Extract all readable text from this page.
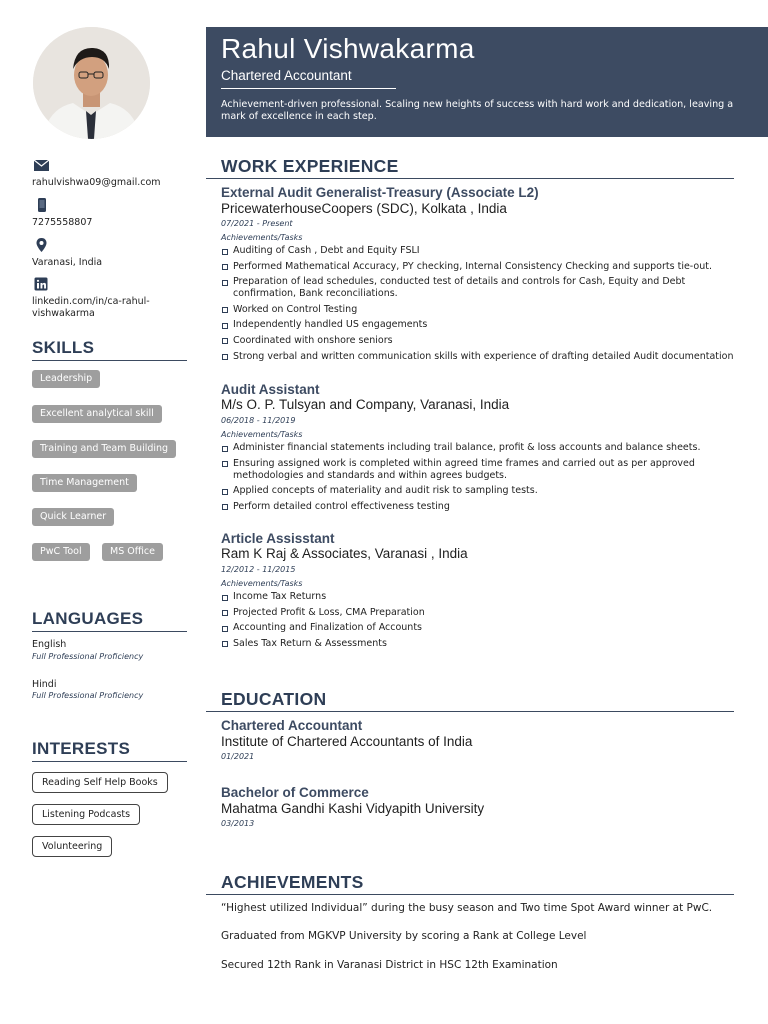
rahulvishwa09@gmail.com
7275558807
Varanasi, India
linkedin.com/in/ca-rahul-vishwakarma
SKILLS
Leadership
Excellent analytical skill
Training and Team Building
Time Management
Quick Learner
PwC Tool	MS Office
LANGUAGES
English
Full Professional Proficiency
Hindi
Full Professional Proficiency
INTERESTS
Reading Self Help Books
Listening Podcasts
Volunteering
Rahul Vishwakarma
Chartered Accountant
Achievement-driven professional. Scaling new heights of success with hard work and dedication, leaving a mark of excellence in each step.
WORK EXPERIENCE
External Audit Generalist-Treasury (Associate L2)
PricewaterhouseCoopers (SDC), Kolkata , India
07/2021 - Present
Achievements/Tasks
Auditing of Cash , Debt and Equity FSLI
Performed Mathematical Accuracy, PY checking, Internal Consistency Checking and supports tie-out.
Preparation of lead schedules, conducted test of details and controls for Cash, Equity and Debt confirmation, Bank reconciliations.
Worked on Control Testing
Independently handled US engagements
Coordinated with onshore seniors
Strong verbal and written communication skills with experience of drafting detailed Audit documentation
Audit Assistant
M/s O. P. Tulsyan and Company, Varanasi, India
06/2018 - 11/2019
Achievements/Tasks
Administer financial statements including trail balance, profit & loss accounts and balance sheets.
Ensuring assigned work is completed within agreed time frames and carried out as per approved methodologies and standards and within agrees budgets.
Applied concepts of materiality and audit risk to sampling tests.
Perform detailed control effectiveness testing
Article Assisstant
Ram K Raj & Associates, Varanasi , India
12/2012 - 11/2015
Achievements/Tasks
Income Tax Returns
Projected Profit & Loss, CMA Preparation
Accounting and Finalization of Accounts
Sales Tax Return & Assessments
EDUCATION
Chartered Accountant
Institute of Chartered Accountants of India
01/2021
Bachelor of Commerce
Mahatma Gandhi Kashi Vidyapith University
03/2013
ACHIEVEMENTS
“Highest utilized Individual” during the busy season and Two time Spot Award winner at PwC.
Graduated from MGKVP University by scoring a Rank at College Level
Secured 12th Rank in Varanasi District in HSC 12th Examination
